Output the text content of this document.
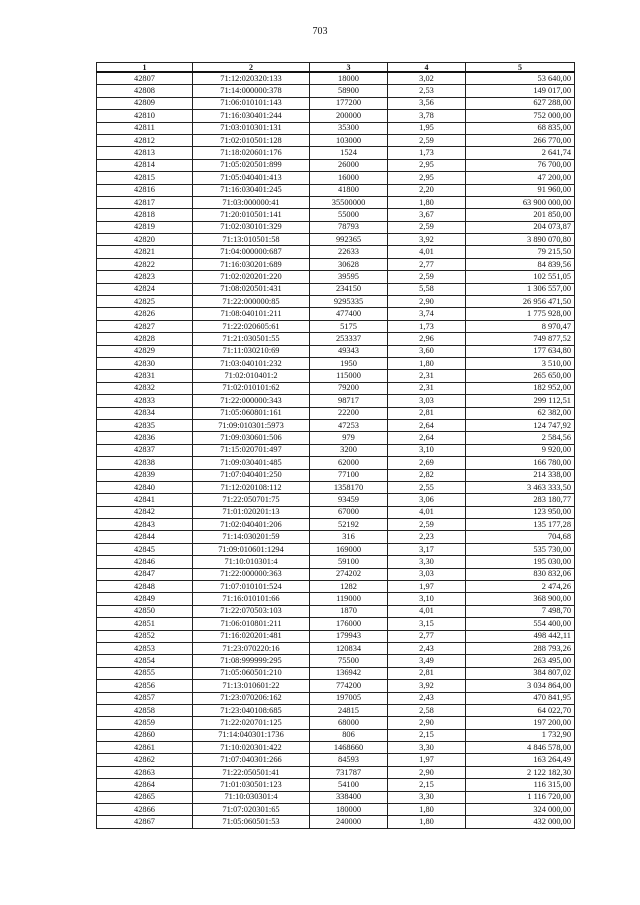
703
1	2	3	4	5
42807	71:12:020320:133	18000	3,02	53 640,00
42808	71:14:000000:378	58900	2,53	149 017,00
42809	71:06:010101:143	177200	3,56	627 288,00
42810	71:16:030401:244	200000	3,78	752 000,00
42811	71:03:010301:131	35300	1,95	68 835,00
42812	71:02:010501:128	103000	2,59	266 770,00
42813	71:18:020601:176	1524	1,73	2 641,74
42814	71:05:020501:899	26000	2,95	76 700,00
42815	71:05:040401:413	16000	2,95	47 200,00
42816	71:16:030401:245	41800	2,20	91 960,00
42817	71:03:000000:41	35500000	1,80	63 900 000,00
42818	71:20:010501:141	55000	3,67	201 850,00
42819	71:02:030101:329	78793	2,59	204 073,87
42820	71:13:010501:58	992365	3,92	3 890 070,80
42821	71:04:000000:687	22633	4,01	79 215,50
42822	71:16:030201:689	30628	2,77	84 839,56
42823	71:02:020201:220	39595	2,59	102 551,05
42824	71:08:020501:431	234150	5,58	1 306 557,00
42825	71:22:000000:85	9295335	2,90	26 956 471,50
42826	71:08:040101:211	477400	3,74	1 775 928,00
42827	71:22:020605:61	5175	1,73	8 970,47
42828	71:21:030501:55	253337	2,96	749 877,52
42829	71:11:030210:69	49343	3,60	177 634,80
42830	71:03:040101:232	1950	1,80	3 510,00
42831	71:02:010401:2	115000	2,31	265 650,00
42832	71:02:010101:62	79200	2,31	182 952,00
42833	71:22:000000:343	98717	3,03	299 112,51
42834	71:05:060801:161	22200	2,81	62 382,00
42835	71:09:010301:5973	47253	2,64	124 747,92
42836	71:09:030601:506	979	2,64	2 584,56
42837	71:15:020701:497	3200	3,10	9 920,00
42838	71:09:030401:485	62000	2,69	166 780,00
42839	71:07:040401:250	77100	2,82	214 338,00
42840	71:12:020108:112	1358170	2,55	3 463 333,50
42841	71:22:050701:75	93459	3,06	283 180,77
42842	71:01:020201:13	67000	4,01	123 950,00
42843	71:02:040401:206	52192	2,59	135 177,28
42844	71:14:030201:59	316	2,23	704,68
42845	71:09:010601:1294	169000	3,17	535 730,00
42846	71:10:010301:4	59100	3,30	195 030,00
42847	71:22:000000:363	274202	3,03	830 832,06
42848	71:07:010101:524	1282	1,97	2 474,26
42849	71:16:010101:66	119000	3,10	368 900,00
42850	71:22:070503:103	1870	4,01	7 498,70
42851	71:06:010801:211	176000	3,15	554 400,00
42852	71:16:020201:481	179943	2,77	498 442,11
42853	71:23:070220:16	120834	2,43	288 793,26
42854	71:08:999999:295	75500	3,49	263 495,00
42855	71:05:060501:210	136942	2,81	384 807,02
42856	71:13:010601:22	774200	3,92	3 034 864,00
42857	71:23:070206:162	197005	2,43	470 841,95
42858	71:23:040108:685	24815	2,58	64 022,70
42859	71:22:020701:125	68000	2,90	197 200,00
42860	71:14:040301:1736	806	2,15	1 732,90
42861	71:10:020301:422	1468660	3,30	4 846 578,00
42862	71:07:040301:266	84593	1,97	163 264,49
42863	71:22:050501:41	731787	2,90	2 122 182,30
42864	71:01:030501:123	54100	2,15	116 315,00
42865	71:10:030301:4	338400	3,30	1 116 720,00
42866	71:07:020301:65	180000	1,80	324 000,00
42867	71:05:060501:53	240000	1,80	432 000,00
